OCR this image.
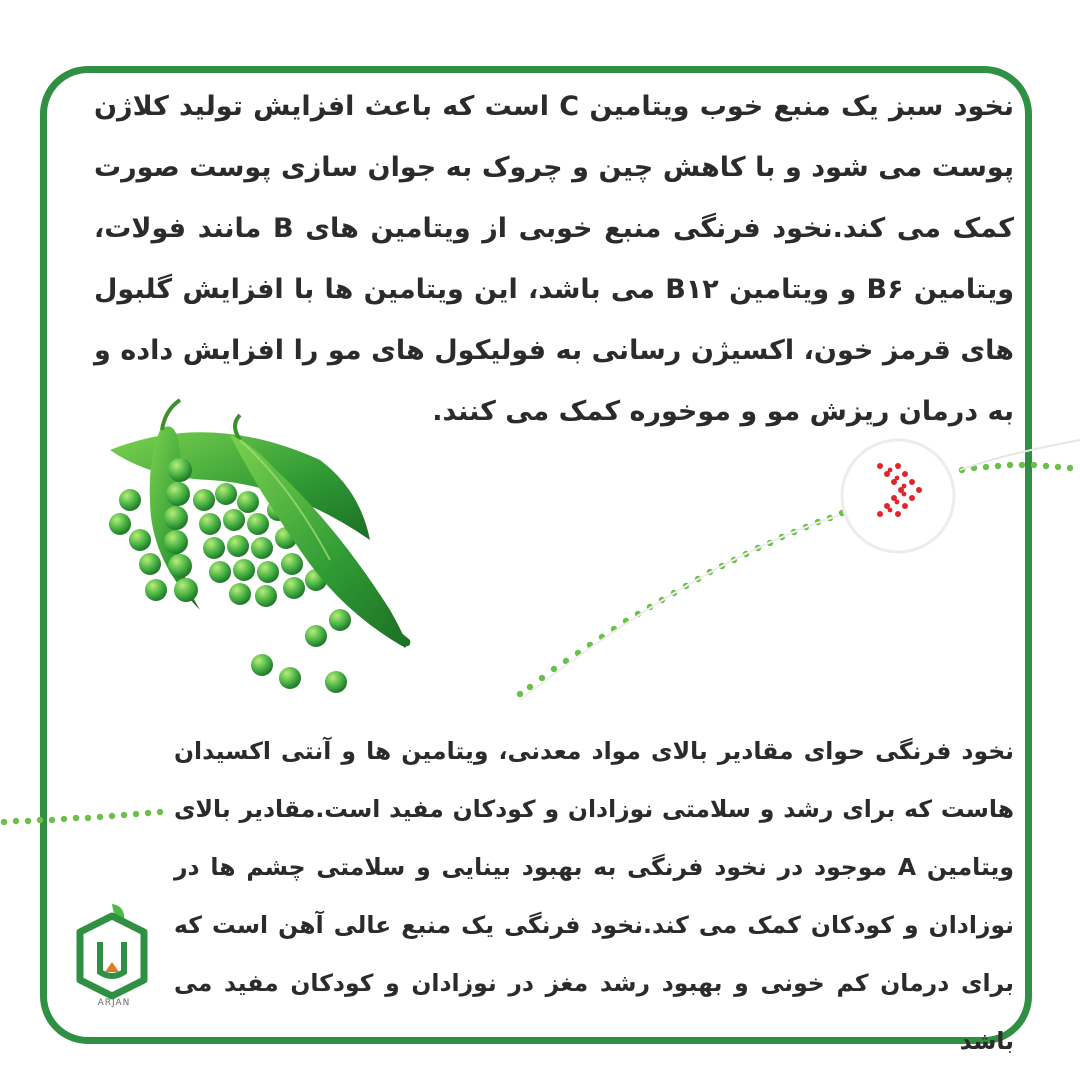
نخود سبز یک منبع خوب ویتامین C است که باعث افزایش تولید کلاژن پوست می شود و با کاهش چین و چروک به جوان سازی پوست صورت کمک می کند.نخود فرنگی منبع خوبی از ویتامین های B مانند فولات، ویتامین B۶ و ویتامین B۱۲ می باشد، این ویتامین ها با افزایش گلبول های قرمز خون، اکسیژن رسانی به فولیکول های مو را افزایش داده و به درمان ریزش مو و موخوره کمک می کنند.

نخود فرنگی حوای مقادیر بالای مواد معدنی، ویتامین ها و آنتی اکسیدان هاست که برای رشد و سلامتی نوزادان و کودکان مفید است.مقادیر بالای ویتامین A موجود در نخود فرنگی به بهبود بینایی و سلامتی چشم ها در نوزادان و کودکان کمک می کند.نخود فرنگی یک منبع عالی آهن است که برای درمان کم خونی و بهبود رشد مغز در نوزادان و کودکان مفید می باشد

ARJAN
